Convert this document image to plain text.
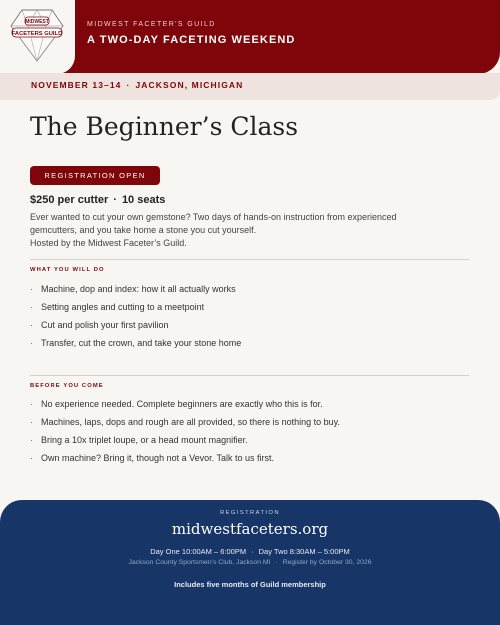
MIDWEST
FACETERS GUILD
MIDWEST FACETER'S GUILD
A TWO-DAY FACETING WEEKEND
NOVEMBER 13–14 · JACKSON, MICHIGAN
The Beginner’s Class
REGISTRATION OPEN
$250 per cutter · 10 seats
Ever wanted to cut your own gemstone? Two days of hands-on instruction from experienced
gemcutters, and you take home a stone you cut yourself.
Hosted by the Midwest Faceter’s Guild.
WHAT YOU WILL DO
· Machine, dop and index: how it all actually works
· Setting angles and cutting to a meetpoint
· Cut and polish your first pavilion
· Transfer, cut the crown, and take your stone home
BEFORE YOU COME
· No experience needed. Complete beginners are exactly who this is for.
· Machines, laps, dops and rough are all provided, so there is nothing to buy.
· Bring a 10x triplet loupe, or a head mount magnifier.
· Own machine? Bring it, though not a Vevor. Talk to us first.
REGISTRATION
midwestfaceters.org
Day One 10:00AM – 6:00PM · Day Two 8:30AM – 5:00PM
Jackson County Sportsmen’s Club, Jackson MI · Register by October 30, 2026
Includes five months of Guild membership
